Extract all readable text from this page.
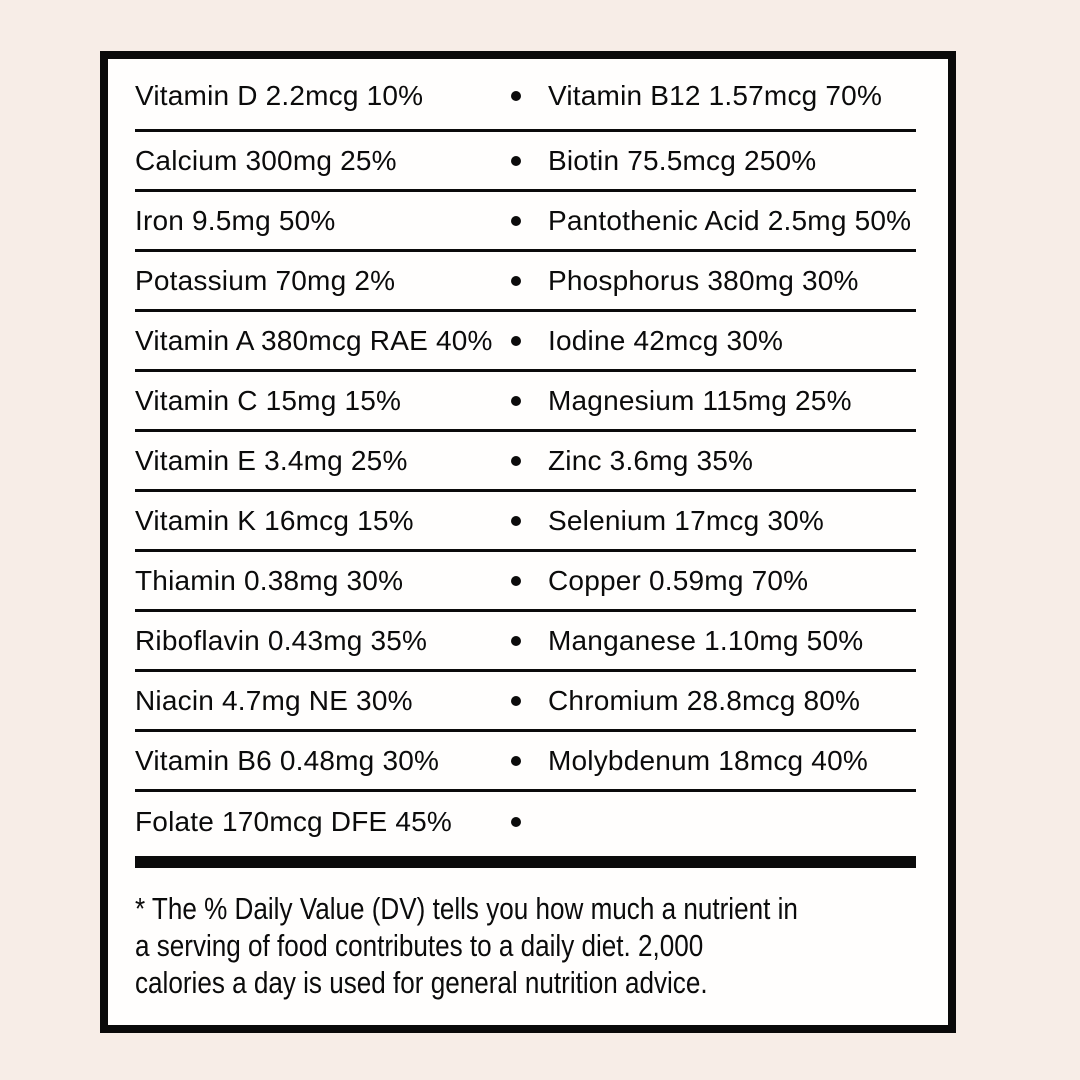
Vitamin D 2.2mcg 10%	Vitamin B12 1.57mcg 70%
Calcium 300mg 25%	Biotin 75.5mcg 250%
Iron 9.5mg 50%	Pantothenic Acid 2.5mg 50%
Potassium 70mg 2%	Phosphorus 380mg 30%
Vitamin A 380mcg RAE 40%	Iodine 42mcg 30%
Vitamin C 15mg 15%	Magnesium 115mg 25%
Vitamin E 3.4mg 25%	Zinc 3.6mg 35%
Vitamin K 16mcg 15%	Selenium 17mcg 30%
Thiamin 0.38mg 30%	Copper 0.59mg 70%
Riboflavin 0.43mg 35%	Manganese 1.10mg 50%
Niacin 4.7mg NE 30%	Chromium 28.8mcg 80%
Vitamin B6 0.48mg 30%	Molybdenum 18mcg 40%
Folate 170mcg DFE 45%
* The % Daily Value (DV) tells you how much a nutrient in
a serving of food contributes to a daily diet. 2,000
calories a day is used for general nutrition advice.
